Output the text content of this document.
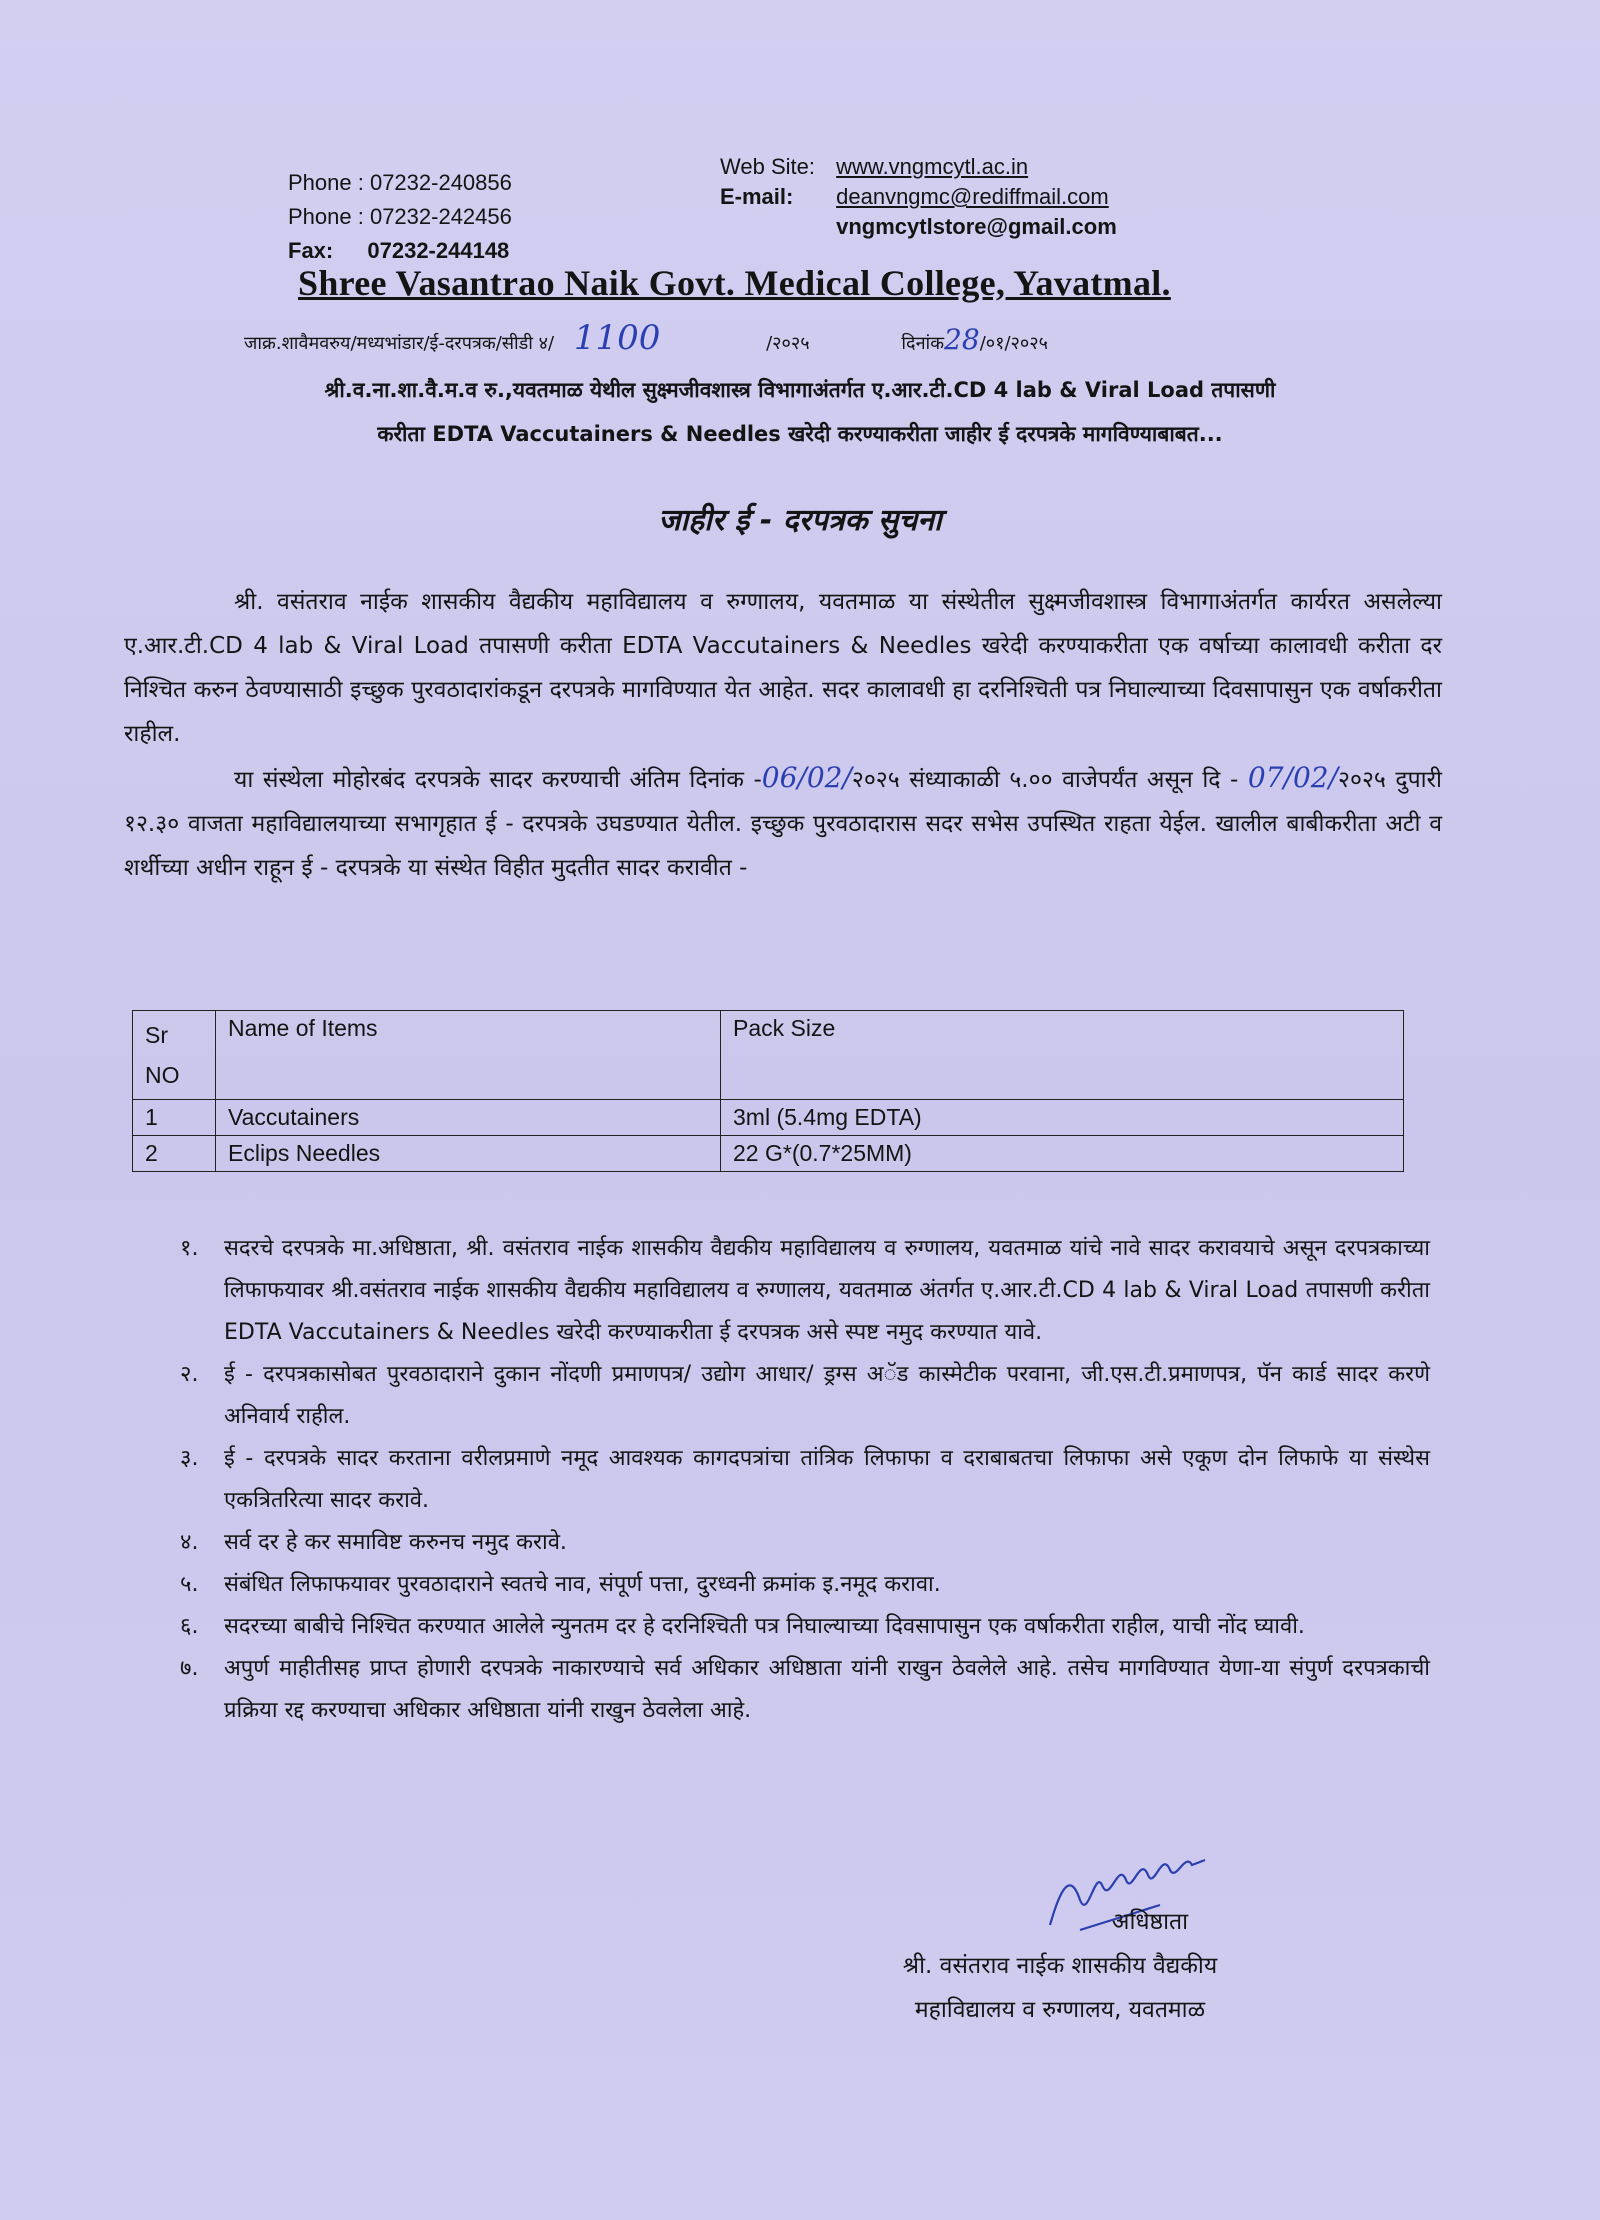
Phone : 07232-240856
Phone : 07232-242456
Fax: 07232-244148
Web Site: www.vngmcytl.ac.in
E-mail: deanvngmc@rediffmail.com
vngmcytlstore@gmail.com
Shree Vasantrao Naik Govt. Medical College, Yavatmal.
जाक्र.शावैमवरुय/मध्यभांडार/ई-दरपत्रक/सीडी ४/ 1100	/२०२५	दिनांक28/०१/२०२५
श्री.व.ना.शा.वै.म.व रु.,यवतमाळ येथील सुक्ष्मजीवशास्त्र विभागाअंतर्गत ए.आर.टी.CD 4 lab & Viral Load तपासणी
करीता EDTA Vaccutainers & Needles खरेदी करण्याकरीता जाहीर ई दरपत्रके मागविण्याबाबत...
जाहीर ई - दरपत्रक सुचना

श्री. वसंतराव नाईक शासकीय वैद्यकीय महाविद्यालय व रुग्णालय, यवतमाळ या संस्थेतील सुक्ष्मजीवशास्त्र विभागाअंतर्गत कार्यरत असलेल्या ए.आर.टी.CD 4 lab & Viral Load तपासणी करीता EDTA Vaccutainers & Needles खरेदी करण्याकरीता एक वर्षाच्या कालावधी करीता दर निश्चित करुन ठेवण्यासाठी इच्छुक पुरवठादारांकडून दरपत्रके मागविण्यात येत आहेत. सदर कालावधी हा दरनिश्चिती पत्र निघाल्याच्या दिवसापासुन एक वर्षाकरीता राहील.

या संस्थेला मोहोरबंद दरपत्रके सादर करण्याची अंतिम दिनांक -06/02/२०२५ संध्याकाळी ५.०० वाजेपर्यंत असून दि - 07/02/२०२५ दुपारी १२.३० वाजता महाविद्यालयाच्या सभागृहात ई - दरपत्रके उघडण्यात येतील. इच्छुक पुरवठादारास सदर सभेस उपस्थित राहता येईल. खालील बाबीकरीता अटी व शर्थीच्या अधीन राहून ई - दरपत्रके या संस्थेत विहीत मुदतीत सादर करावीत -

Sr NO	Name of Items	Pack Size
1	Vaccutainers	3ml (5.4mg EDTA)
2	Eclips Needles	22 G*(0.7*25MM)
१.	सदरचे दरपत्रके मा.अधिष्ठाता, श्री. वसंतराव नाईक शासकीय वैद्यकीय महाविद्यालय व रुग्णालय, यवतमाळ यांचे नावे सादर करावयाचे असून दरपत्रकाच्या लिफाफयावर श्री.वसंतराव नाईक शासकीय वैद्यकीय महाविद्यालय व रुग्णालय, यवतमाळ अंतर्गत ए.आर.टी.CD 4 lab & Viral Load तपासणी करीता EDTA Vaccutainers & Needles खरेदी करण्याकरीता ई दरपत्रक असे स्पष्ट नमुद करण्यात यावे.
२.	ई - दरपत्रकासोबत पुरवठादाराने दुकान नोंदणी प्रमाणपत्र/ उद्योग आधार/ ड्रग्स अॅड कास्मेटीक परवाना, जी.एस.टी.प्रमाणपत्र, पॅन कार्ड सादर करणे अनिवार्य राहील.
३.	ई - दरपत्रके सादर करताना वरीलप्रमाणे नमूद आवश्यक कागदपत्रांचा तांत्रिक लिफाफा व दराबाबतचा लिफाफा असे एकूण दोन लिफाफे या संस्थेस एकत्रितरित्या सादर करावे.
४.	सर्व दर हे कर समाविष्ट करुनच नमुद करावे.
५.	संबंधित लिफाफयावर पुरवठादाराने स्वतचे नाव, संपूर्ण पत्ता, दुरध्वनी क्रमांक इ.नमूद करावा.
६.	सदरच्या बाबीचे निश्चित करण्यात आलेले न्युनतम दर हे दरनिश्चिती पत्र निघाल्याच्या दिवसापासुन एक वर्षाकरीता राहील, याची नोंद घ्यावी.
७.	अपुर्ण माहीतीसह प्राप्त होणारी दरपत्रके नाकारण्याचे सर्व अधिकार अधिष्ठाता यांनी राखुन ठेवलेले आहे. तसेच मागविण्यात येणा-या संपुर्ण दरपत्रकाची प्रक्रिया रद्द करण्याचा अधिकार अधिष्ठाता यांनी राखुन ठेवलेला आहे.
अधिष्ठाता
श्री. वसंतराव नाईक शासकीय वैद्यकीय
महाविद्यालय व रुग्णालय, यवतमाळ
